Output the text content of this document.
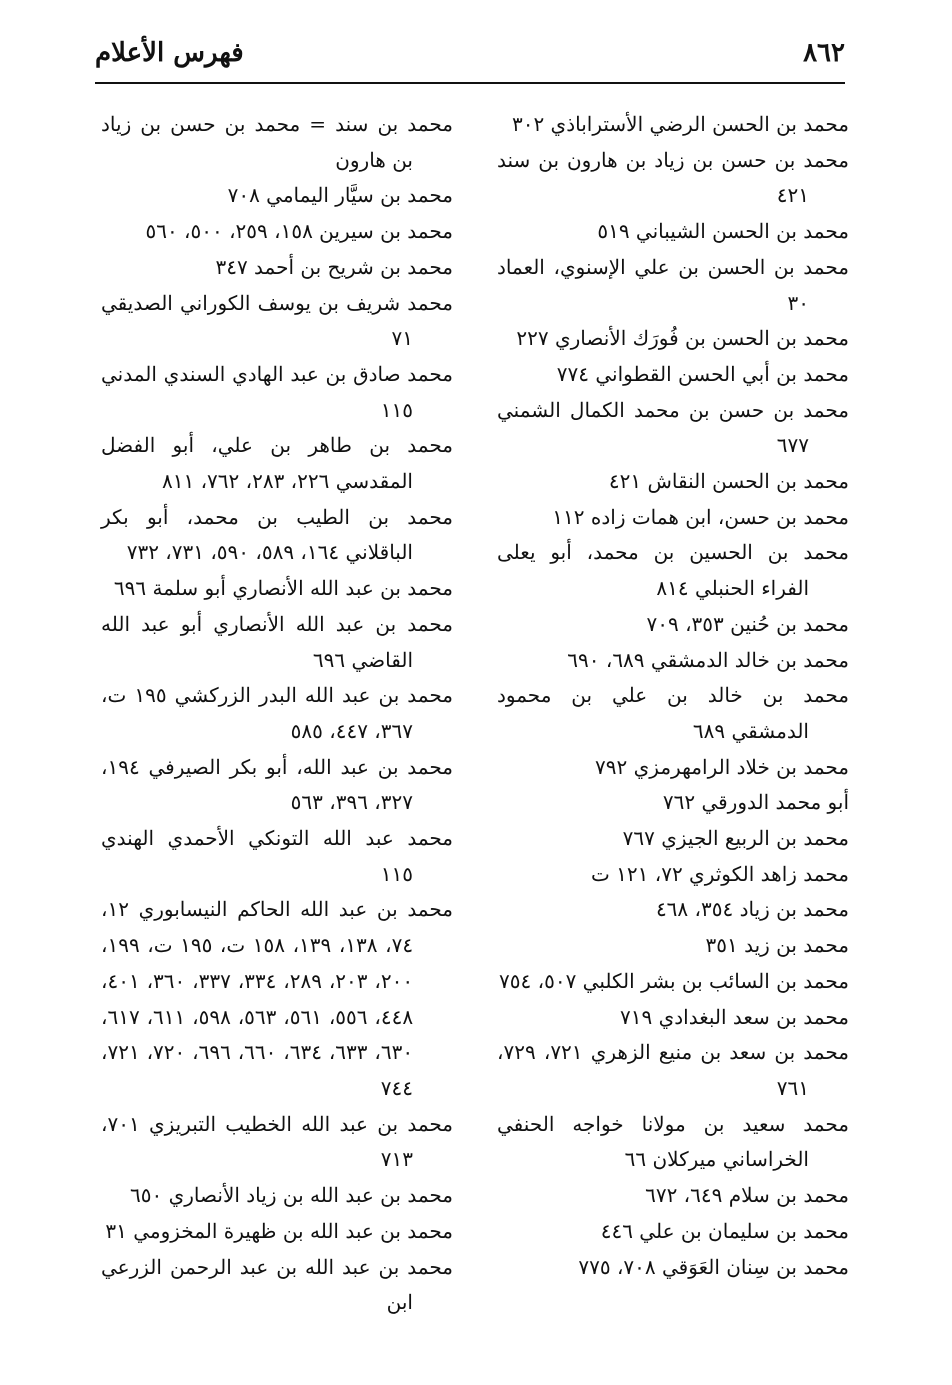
٨٦٢
فهرس الأعلام
محمد بن الحسن الرضي الأستراباذي ٣٠٢
محمد بن حسن بن زياد بن هارون بن سند ٤٢١
محمد بن الحسن الشيباني ٥١٩
محمد بن الحسن بن علي الإسنوي، العماد ٣٠
محمد بن الحسن بن فُورَك الأنصاري ٢٢٧
محمد بن أبي الحسن القطواني ٧٧٤
محمد بن حسن بن محمد الكمال الشمني ٦٧٧
محمد بن الحسن النقاش ٤٢١
محمد بن حسن، ابن همات زاده ١١٢
محمد بن الحسين بن محمد، أبو يعلى الفراء الحنبلي ٨١٤
محمد بن حُنين ٣٥٣، ٧٠٩
محمد بن خالد الدمشقي ٦٨٩، ٦٩٠
محمد بن خالد بن علي بن محمود الدمشقي ٦٨٩
محمد بن خلاد الرامهرمزي ٧٩٢
أبو محمد الدورقي ٧٦٢
محمد بن الربيع الجيزي ٧٦٧
محمد زاهد الكوثري ٧٢، ١٢١ ت
محمد بن زياد ٣٥٤، ٤٦٨
محمد بن زيد ٣٥١
محمد بن السائب بن بشر الكلبي ٥٠٧، ٧٥٤
محمد بن سعد البغدادي ٧١٩
محمد بن سعد بن منيع الزهري ٧٢١، ٧٢٩، ٧٦١
محمد سعيد بن مولانا خواجه الحنفي الخراساني ميركلان ٦٦
محمد بن سلام ٦٤٩، ٦٧٢
محمد بن سليمان بن علي ٤٤٦
محمد بن سِنان العَوَقي ٧٠٨، ٧٧٥
محمد بن سند = محمد بن حسن بن زياد بن هارون
محمد بن سيَّار اليمامي ٧٠٨
محمد بن سيرين ١٥٨، ٢٥٩، ٥٠٠، ٥٦٠
محمد بن شريح بن أحمد ٣٤٧
محمد شريف بن يوسف الكوراني الصديقي ٧١
محمد صادق بن عبد الهادي السندي المدني ١١٥
محمد بن طاهر بن علي، أبو الفضل المقدسي ٢٢٦، ٢٨٣، ٧٦٢، ٨١١
محمد بن الطيب بن محمد، أبو بكر الباقلاني ١٦٤، ٥٨٩، ٥٩٠، ٧٣١، ٧٣٢
محمد بن عبد الله الأنصاري أبو سلمة ٦٩٦
محمد بن عبد الله الأنصاري أبو عبد الله القاضي ٦٩٦
محمد بن عبد الله البدر الزركشي ١٩٥ ت، ٣٦٧، ٤٤٧، ٥٨٥
محمد بن عبد الله، أبو بكر الصيرفي ١٩٤، ٣٢٧، ٣٩٦، ٥٦٣
محمد عبد الله التونكي الأحمدي الهندي ١١٥
محمد بن عبد الله الحاكم النيسابوري ١٢، ٧٤، ١٣٨، ١٣٩، ١٥٨ ت، ١٩٥ ت، ١٩٩، ٢٠٠، ٢٠٣، ٢٨٩، ٣٣٤، ٣٣٧، ٣٦٠، ٤٠١، ٤٤٨، ٥٥٦، ٥٦١، ٥٦٣، ٥٩٨، ٦١١، ٦١٧، ٦٣٠، ٦٣٣، ٦٣٤، ٦٦٠، ٦٩٦، ٧٢٠، ٧٢١، ٧٤٤
محمد بن عبد الله الخطيب التبريزي ٧٠١، ٧١٣
محمد بن عبد الله بن زياد الأنصاري ٦٥٠
محمد بن عبد الله بن ظهيرة المخزومي ٣١
محمد بن عبد الله بن عبد الرحمن الزرعي ابن
